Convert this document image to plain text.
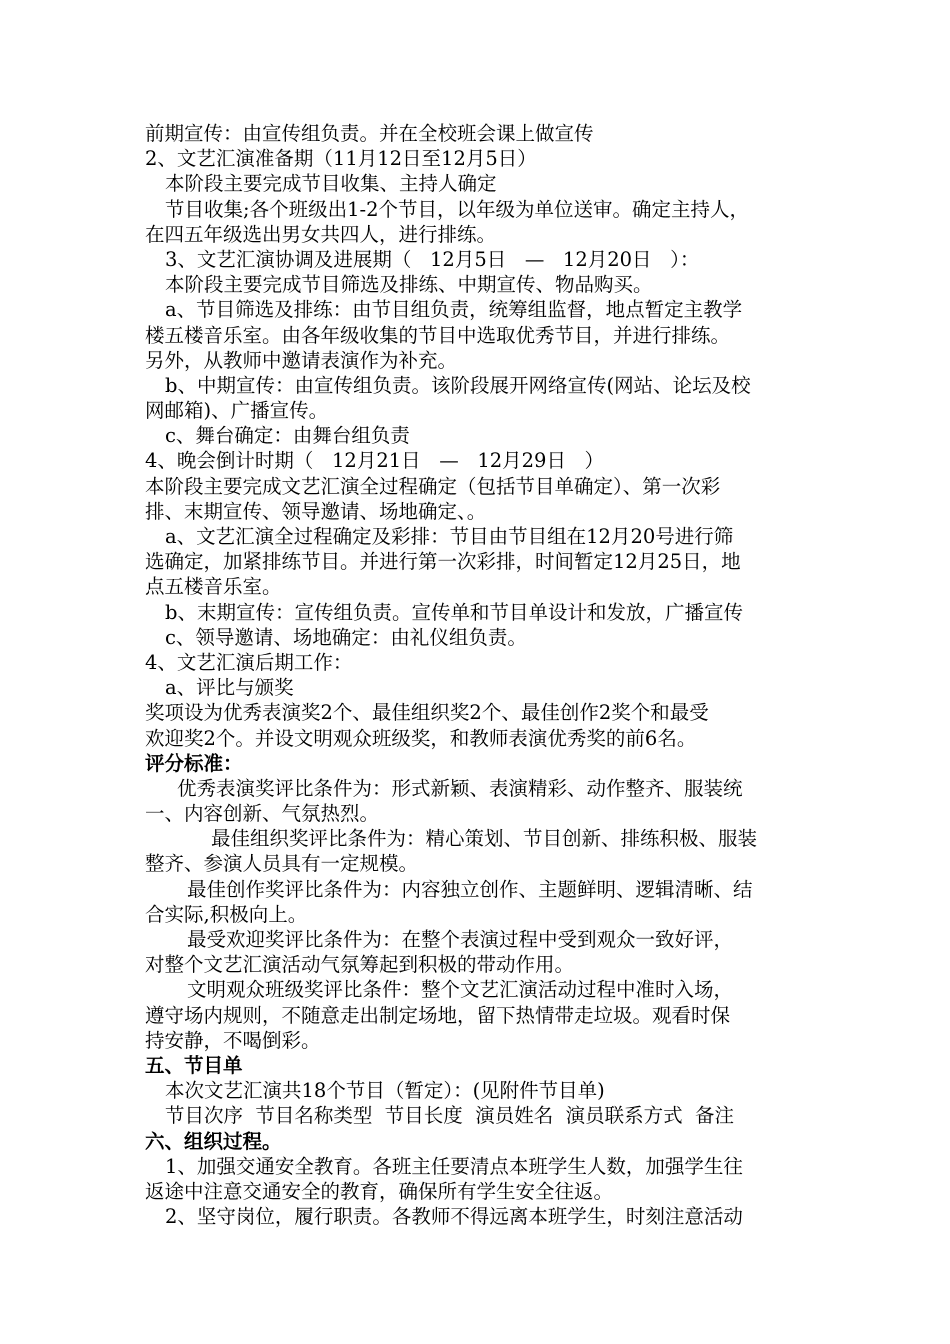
前期宣传：由宣传组负责。并在全校班会课上做宣传
2、文艺汇演准备期（11月12日至12月5日）
本阶段主要完成节目收集、主持人确定
节目收集;各个班级出1-2个节目，以年级为单位送审。确定主持人，
在四五年级选出男女共四人，进行排练。
3、文艺汇演协调及进展期（   12月5日   —   12月20日   ）：
本阶段主要完成节目筛选及排练、中期宣传、物品购买。
a、节目筛选及排练：由节目组负责，统筹组监督，地点暂定主教学
楼五楼音乐室。由各年级收集的节目中选取优秀节目，并进行排练。
另外，从教师中邀请表演作为补充。
b、中期宣传：由宣传组负责。该阶段展开网络宣传(网站、论坛及校
网邮箱)、广播宣传。
c、舞台确定：由舞台组负责
4、晚会倒计时期（   12月21日   —   12月29日   ）
本阶段主要完成文艺汇演全过程确定（包括节目单确定）、第一次彩
排、末期宣传、领导邀请、场地确定、。
a、文艺汇演全过程确定及彩排：节目由节目组在12月20号进行筛
选确定，加紧排练节目。并进行第一次彩排，时间暂定12月25日，地
点五楼音乐室。
b、末期宣传：宣传组负责。宣传单和节目单设计和发放，广播宣传
c、领导邀请、场地确定：由礼仪组负责。
4、文艺汇演后期工作：
a、评比与颁奖
奖项设为优秀表演奖2个、最佳组织奖2个、最佳创作2奖个和最受
欢迎奖2个。并设文明观众班级奖，和教师表演优秀奖的前6名。
评分标准：
优秀表演奖评比条件为：形式新颖、表演精彩、动作整齐、服装统
一、内容创新、气氛热烈。
最佳组织奖评比条件为：精心策划、节目创新、排练积极、服装
整齐、参演人员具有一定规模。
最佳创作奖评比条件为：内容独立创作、主题鲜明、逻辑清晰、结
合实际,积极向上。
最受欢迎奖评比条件为：在整个表演过程中受到观众一致好评，
对整个文艺汇演活动气氛筹起到积极的带动作用。
文明观众班级奖评比条件：整个文艺汇演活动过程中准时入场，
遵守场内规则，不随意走出制定场地，留下热情带走垃圾。观看时保
持安静，不喝倒彩。
五、节目单
本次文艺汇演共18个节目（暂定）：(见附件节目单)
节目次序  节目名称类型  节目长度  演员姓名  演员联系方式  备注
六、组织过程。
1、加强交通安全教育。各班主任要清点本班学生人数，加强学生往
返途中注意交通安全的教育，确保所有学生安全往返。
2、坚守岗位，履行职责。各教师不得远离本班学生，时刻注意活动
